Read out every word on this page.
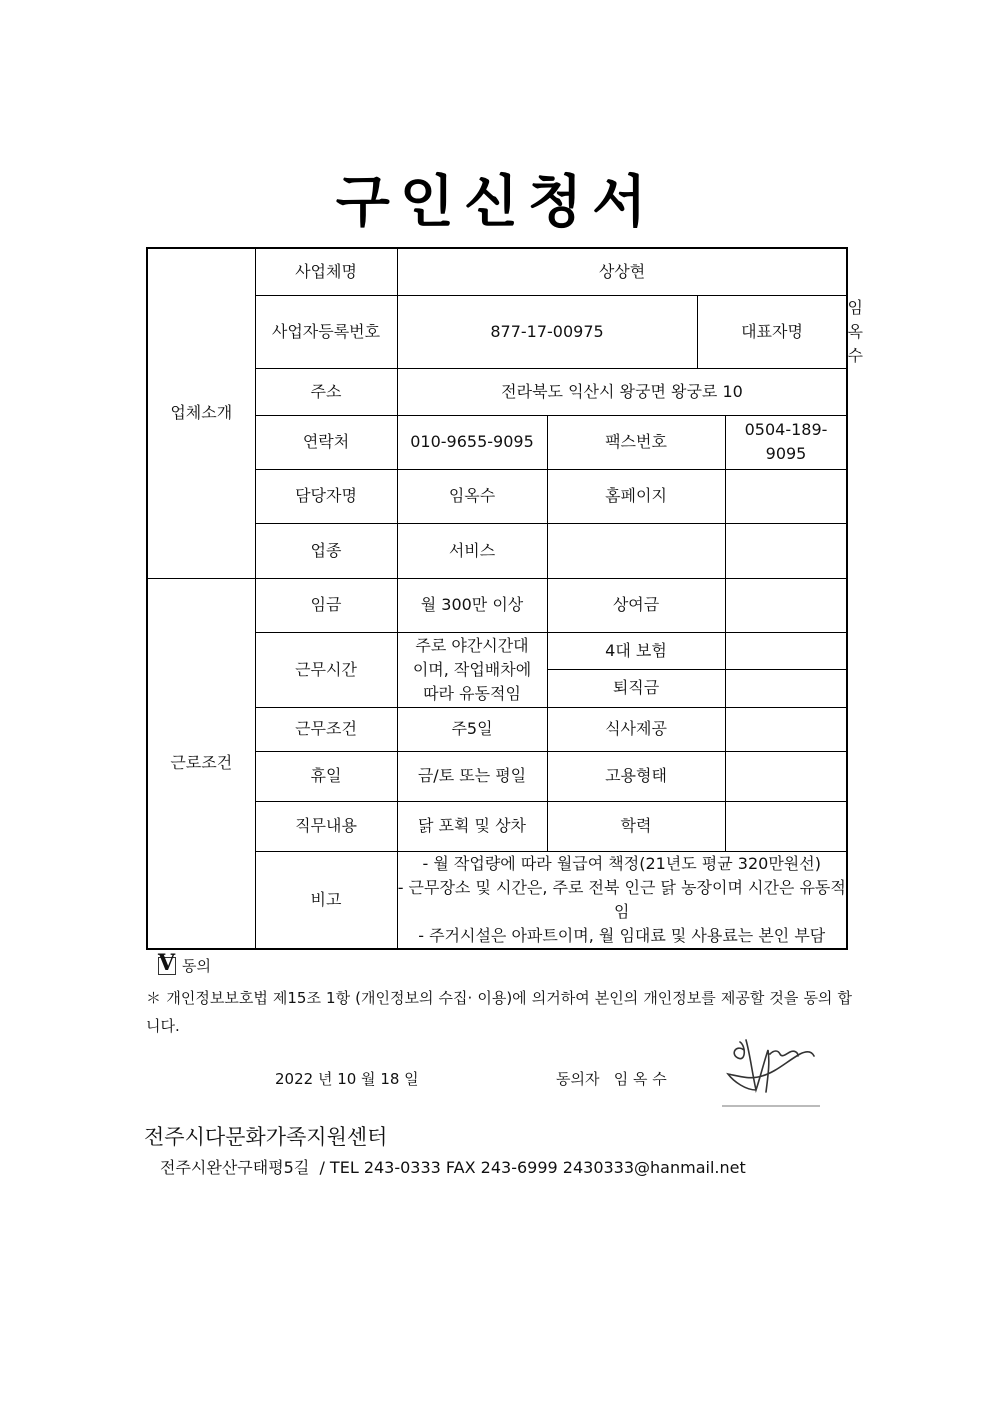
구인신청서
업체소개	사업체명	상상현				
	사업자등록번호	877-17-00975		대표자명		임옥수
	주소	전라북도 익산시 왕궁면 왕궁로 10				
	연락처	010-9655-9095	팩스번호		0504-189-9095	
	담당자명	임옥수	홈페이지			
	업종	서비스				
근로조건	임금	월 300만 이상	상여금			
	근무시간	주로 야간시간대
이며, 작업배차에
따라 유동적임	4대 보험			
			퇴직금			
	근무조건	주5일	식사제공			
	휴일	금/토 또는 평일	고용형태			
	직무내용	닭 포획 및 상차	학력			
	비고	- 월 작업량에 따라 월급여 책정(21년도 평균 320만원선)
- 근무장소 및 시간은, 주로 전북 인근 닭 농장이며 시간은 유동적임
- 주거시설은 아파트이며, 월 임대료 및 사용료는 본인 부담				
V 동의
＊ 개인정보보호법 제15조 1항 (개인정보의 수집· 이용)에 의거하여 본인의 개인정보를 제공할 것을 동의 합니다.
2022 년 10 월 18 일	동의자   임 옥 수
전주시다문화가족지원센터
전주시완산구태평5길  / TEL 243-0333 FAX 243-6999 2430333@hanmail.net
